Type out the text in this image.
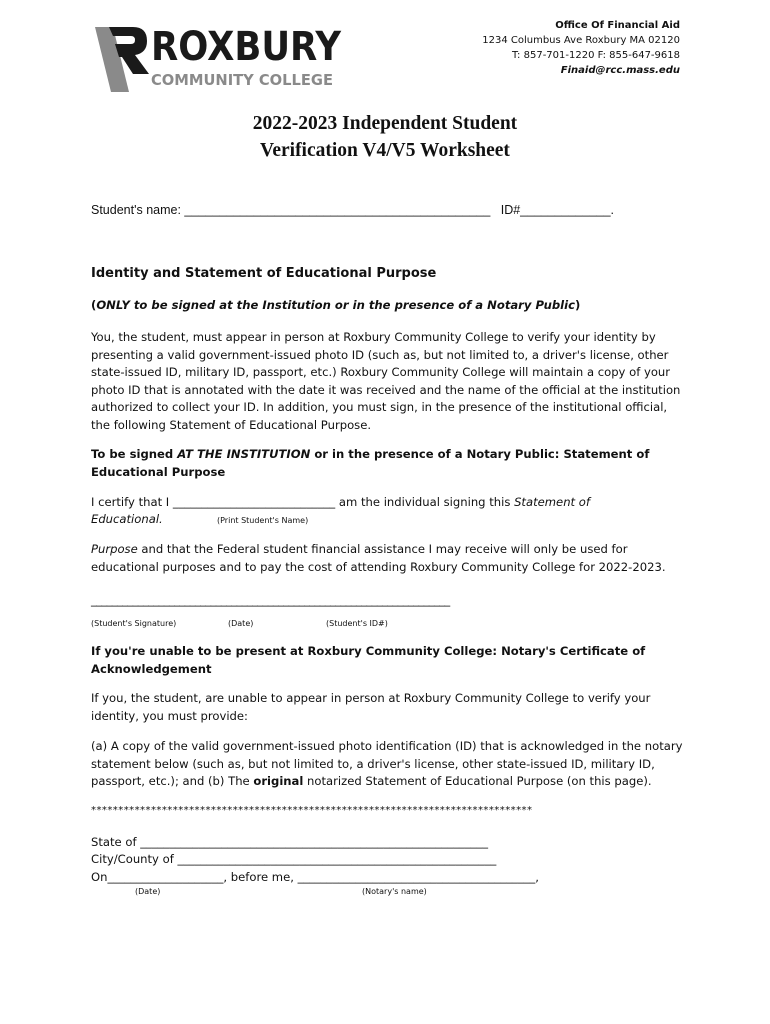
Office Of Financial Aid
1234 Columbus Ave Roxbury MA 02120
T: 857-701-1220 F: 855-647-9618
Finaid@rcc.mass.edu
ROXBURY
COMMUNITY COLLEGE
2022-2023 Independent Student
Verification V4/V5 Worksheet
Student's name: ____________________________________________   ID#_____________.
Identity and Statement of Educational Purpose
(ONLY to be signed at the Institution or in the presence of a Notary Public)
You, the student, must appear in person at Roxbury Community College to verify your identity by presenting a valid government-issued photo ID (such as, but not limited to, a driver's license, other state-issued ID, military ID, passport, etc.) Roxbury Community College will maintain a copy of your photo ID that is annotated with the date it was received and the name of the official at the institution authorized to collect your ID. In addition, you must sign, in the presence of the institutional official, the following Statement of Educational Purpose.
To be signed AT THE INSTITUTION or in the presence of a Notary Public: Statement of Educational Purpose
I certify that I ____________________________ am the individual signing this Statement of
Educational.	(Print Student's Name)
Purpose and that the Federal student financial assistance I may receive will only be used for educational purposes and to pay the cost of attending Roxbury Community College for 2022-2023.
_____________________________________________________________________
(Student's Signature)	(Date)	(Student's ID#)
If you're unable to be present at Roxbury Community College: Notary's Certificate of Acknowledgement
If you, the student, are unable to appear in person at Roxbury Community College to verify your identity, you must provide:
(a) A copy of the valid government-issued photo identification (ID) that is acknowledged in the notary statement below (such as, but not limited to, a driver's license, other state-issued ID, military ID, passport, etc.); and (b) The original notarized Statement of Educational Purpose (on this page).
*********************************************************************************
State of ____________________________________________________________
City/County of _______________________________________________________
On____________________, before me, _________________________________________,
(Date)	(Notary's name)
